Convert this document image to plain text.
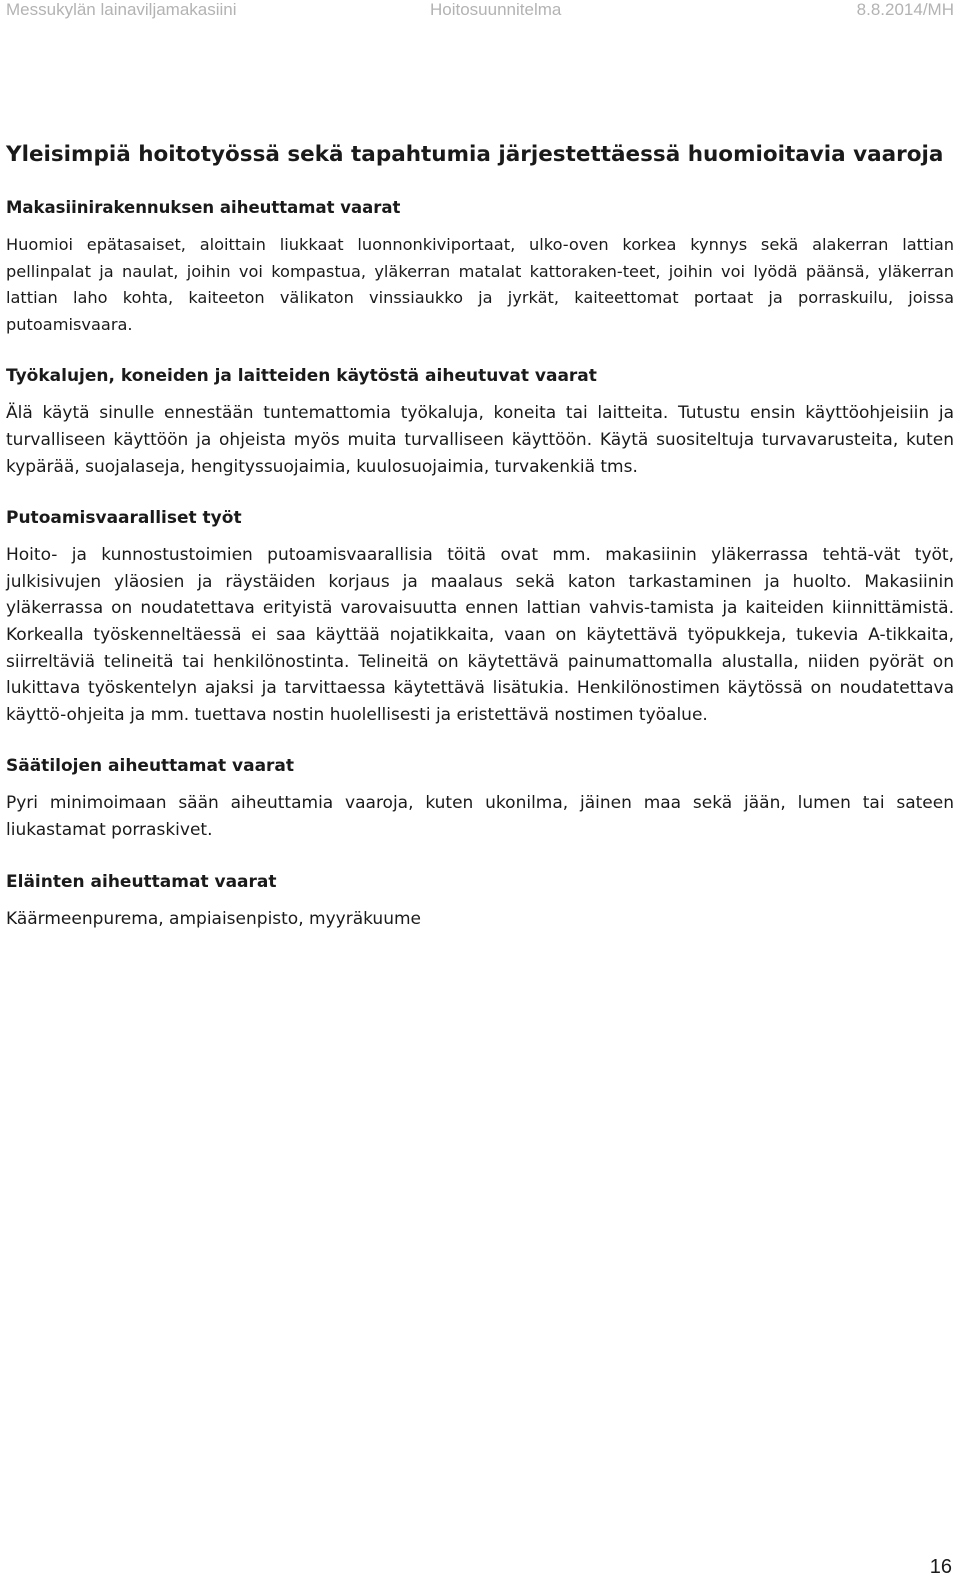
Messukylän lainaviljamakasiini	Hoitosuunnitelma	8.8.2014/MH
Yleisimpiä hoitotyössä sekä tapahtumia järjestettäessä huomioitavia vaaroja
Makasiinirakennuksen aiheuttamat vaarat

Huomioi epätasaiset, aloittain liukkaat luonnonkiviportaat, ulko-oven korkea kynnys sekä alakerran lattian pellinpalat ja naulat, joihin voi kompastua, yläkerran matalat kattoraken-teet, joihin voi lyödä päänsä, yläkerran lattian laho kohta, kaiteeton välikaton vinssiaukko ja jyrkät, kaiteettomat portaat ja porraskuilu, joissa putoamisvaara.

Työkalujen, koneiden ja laitteiden käytöstä aiheutuvat vaarat

Älä käytä sinulle ennestään tuntemattomia työkaluja, koneita tai laitteita. Tutustu ensin käyttöohjeisiin ja turvalliseen käyttöön ja ohjeista myös muita turvalliseen käyttöön. Käytä suositeltuja turvavarusteita, kuten kypärää, suojalaseja, hengityssuojaimia, kuulosuojaimia, turvakenkiä tms.

Putoamisvaaralliset työt

Hoito- ja kunnostustoimien putoamisvaarallisia töitä ovat mm. makasiinin yläkerrassa tehtä-vät työt, julkisivujen yläosien ja räystäiden korjaus ja maalaus sekä katon tarkastaminen ja huolto. Makasiinin yläkerrassa on noudatettava erityistä varovaisuutta ennen lattian vahvis-tamista ja kaiteiden kiinnittämistä. Korkealla työskenneltäessä ei saa käyttää nojatikkaita, vaan on käytettävä työpukkeja, tukevia A-tikkaita, siirreltäviä telineitä tai henkilönostinta. Telineitä on käytettävä painumattomalla alustalla, niiden pyörät on lukittava työskentelyn ajaksi ja tarvittaessa käytettävä lisätukia. Henkilönostimen käytössä on noudatettava käyttö-ohjeita ja mm. tuettava nostin huolellisesti ja eristettävä nostimen työalue.

Säätilojen aiheuttamat vaarat

Pyri minimoimaan sään aiheuttamia vaaroja, kuten ukonilma, jäinen maa sekä jään, lumen tai sateen liukastamat porraskivet.

Eläinten aiheuttamat vaarat

Käärmeenpurema, ampiaisenpisto, myyräkuume

16
